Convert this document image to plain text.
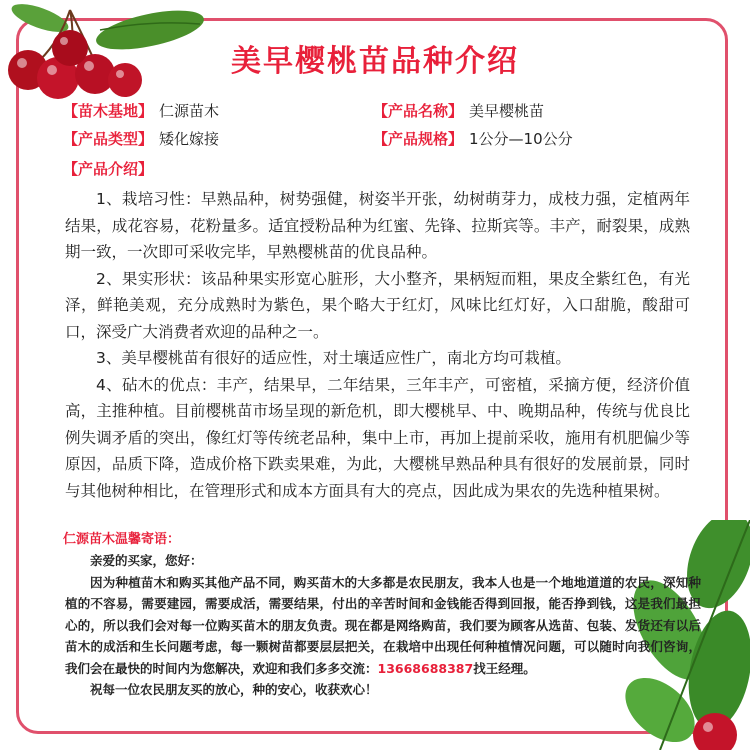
美早樱桃苗品种介绍
【苗木基地】 仁源苗木	【产品名称】 美早樱桃苗
【产品类型】 矮化嫁接	【产品规格】 1公分—10公分
【产品介绍】

1、栽培习性：早熟品种，树势强健，树姿半开张，幼树萌芽力，成枝力强，定植两年结果，成花容易，花粉量多。适宜授粉品种为红蜜、先锋、拉斯宾等。丰产，耐裂果，成熟期一致，一次即可采收完毕，早熟樱桃苗的优良品种。

2、果实形状：该品种果实形宽心脏形，大小整齐，果柄短而粗，果皮全紫红色，有光泽，鲜艳美观，充分成熟时为紫色，果个略大于红灯，风味比红灯好，入口甜脆，酸甜可口，深受广大消费者欢迎的品种之一。

3、美早樱桃苗有很好的适应性，对土壤适应性广，南北方均可栽植。

4、砧木的优点：丰产，结果早，二年结果，三年丰产，可密植，采摘方便，经济价值高，主推种植。目前樱桃苗市场呈现的新危机，即大樱桃早、中、晚期品种，传统与优良比例失调矛盾的突出，像红灯等传统老品种，集中上市，再加上提前采收，施用有机肥偏少等原因，品质下降，造成价格下跌卖果难，为此，大樱桃早熟品种具有很好的发展前景，同时与其他树种相比，在管理形式和成本方面具有大的亮点，因此成为果农的先选种植果树。

仁源苗木温馨寄语：

亲爱的买家，您好：

因为种植苗木和购买其他产品不同，购买苗木的大多都是农民朋友，我本人也是一个地地道道的农民，深知种植的不容易，需要建园，需要成活，需要结果，付出的辛苦时间和金钱能否得到回报，能否挣到钱，这是我们最担心的，所以我们会对每一位购买苗木的朋友负责。现在都是网络购苗，我们要为顾客从选苗、包装、发货还有以后苗木的成活和生长问题考虑，每一颗树苗都要层层把关，在栽培中出现任何种植情况问题，可以随时向我们咨询，我们会在最快的时间内为您解决，欢迎和我们多多交流：13668688387找王经理。

祝每一位农民朋友买的放心，种的安心，收获欢心！
